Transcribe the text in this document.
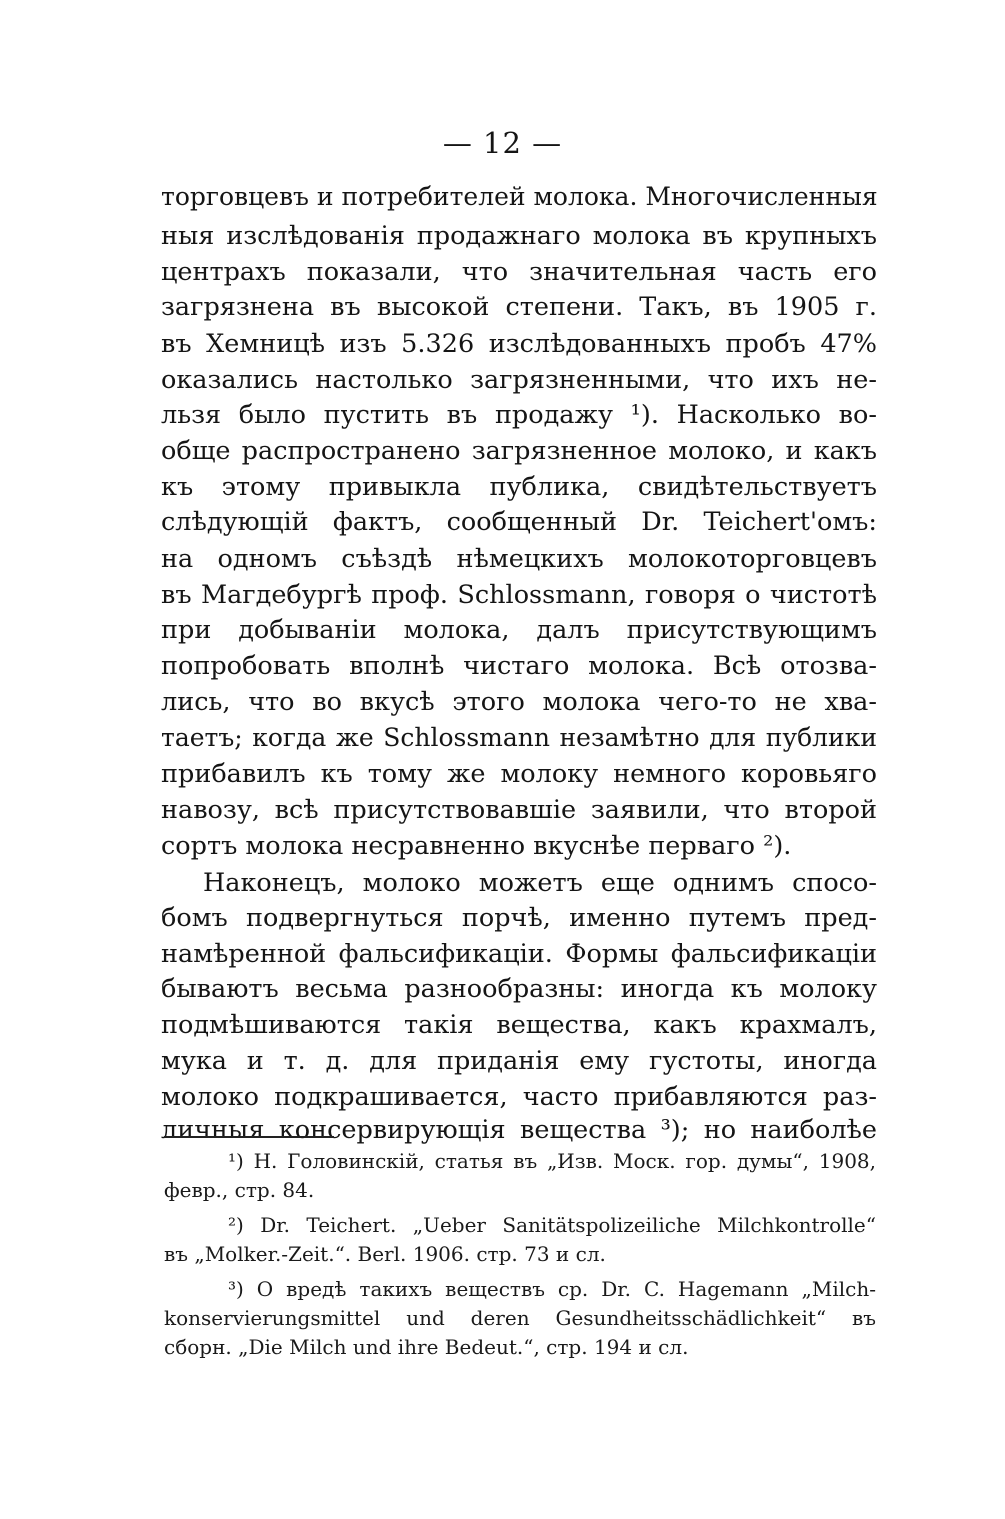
— 12 —
торговцевъ и потребителей молока. Многочисленныя
ныя изслѣдованія продажнаго молока въ крупныхъ
центрахъ показали, что значительная часть его
загрязнена въ высокой степени. Такъ, въ 1905 г.
въ Хемницѣ изъ 5.326 изслѣдованныхъ пробъ 47%
оказались настолько загрязненными, что ихъ не-
льзя было пустить въ продажу ¹). Насколько во-
обще распространено загрязненное молоко, и какъ
къ этому привыкла публика, свидѣтельствуетъ
слѣдующій фактъ, сообщенный Dr. Teichert'омъ:
на одномъ съѣздѣ нѣмецкихъ молокоторговцевъ
въ Магдебургѣ проф. Schlossmann, говоря о чистотѣ
при добываніи молока, далъ присутствующимъ
попробовать вполнѣ чистаго молока. Всѣ отозва-
лись, что во вкусѣ этого молока чего-то не хва-
таетъ; когда же Schlossmann незамѣтно для публики
прибавилъ къ тому же молоку немного коровьяго
навозу, всѣ присутствовавшіе заявили, что второй
сортъ молока несравненно вкуснѣе перваго ²).
Наконецъ, молоко можетъ еще однимъ спосо-
бомъ подвергнуться порчѣ, именно путемъ пред-
намѣренной фальсификаціи. Формы фальсификаціи
бываютъ весьма разнообразны: иногда къ молоку
подмѣшиваются такія вещества, какъ крахмалъ,
мука и т. д. для приданія ему густоты, иногда
молоко подкрашивается, часто прибавляются раз-
личныя консервирующія вещества ³); но наиболѣе
¹) Н. Головинскій, статья въ „Изв. Моск. гор. думы“, 1908,
февр., стр. 84.
²) Dr. Teichert. „Ueber Sanitätspolizeiliche Milchkontrolle“
въ „Molker.-Zeit.“. Berl. 1906. стр. 73 и сл.
³) О вредѣ такихъ веществъ ср. Dr. C. Hagemann „Milch-
konservierungsmittel und deren Gesundheitsschädlichkeit“ въ
сборн. „Die Milch und ihre Bedeut.“, стр. 194 и сл.
